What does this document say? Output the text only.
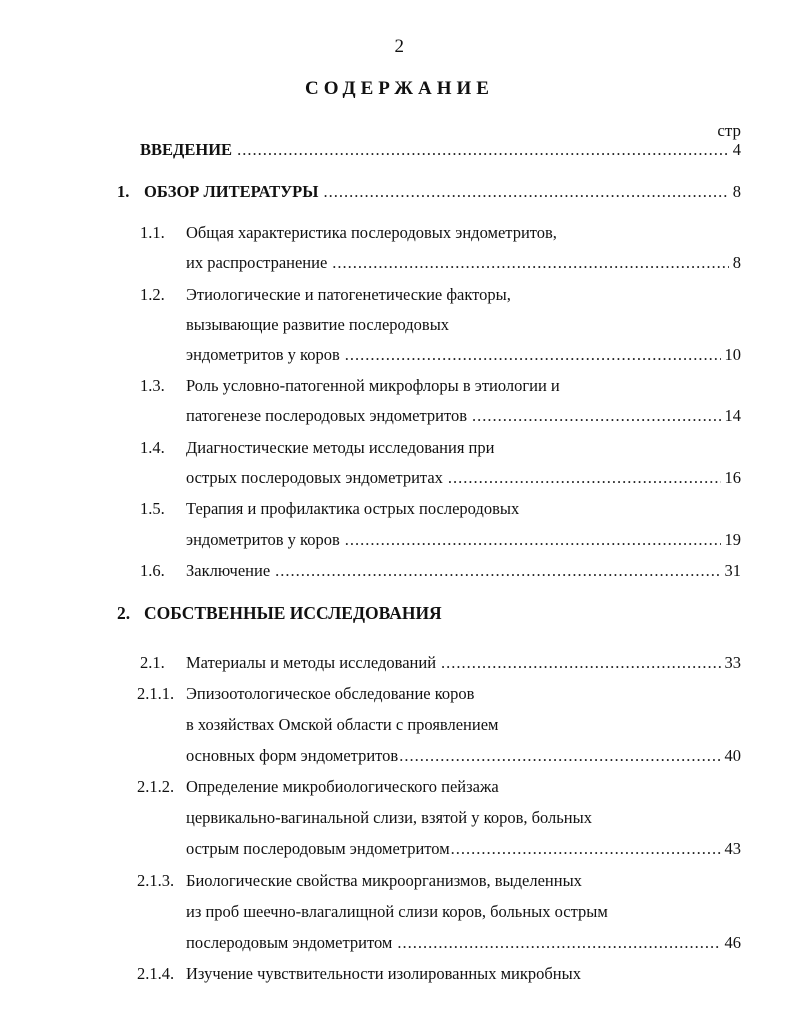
2
СОДЕРЖАНИЕ
стр
ВВЕДЕНИЕ .....	4
1. ОБЗОР ЛИТЕРАТУРЫ .....	8
1.1. Общая характеристика послеродовых эндометритов,
их распространение .....	8
1.2. Этиологические и патогенетические факторы,
вызывающие развитие послеродовых
эндометритов у коров .....	10
1.3. Роль условно-патогенной микрофлоры в этиологии и
патогенезе послеродовых эндометритов .....	14
1.4. Диагностические методы исследования при
острых послеродовых эндометритах .....	16
1.5. Терапия и профилактика острых послеродовых
эндометритов у коров .....	19
1.6.	Заключение .....	31
2. СОБСТВЕННЫЕ ИССЛЕДОВАНИЯ
2.1.	Материалы и методы исследований .....	33
2.1.1. Эпизоотологическое обследование коров
в хозяйствах Омской области с проявлением
основных форм эндометритов .....	40
2.1.2. Определение микробиологического пейзажа
цервикально-вагинальной слизи, взятой у коров, больных
острым послеродовым эндометритом .....	43
2.1.3. Биологические свойства микроорганизмов, выделенных
из проб шеечно-влагалищной слизи коров, больных острым
послеродовым эндометритом .....	46
2.1.4. Изучение чувствительности изолированных микробных
